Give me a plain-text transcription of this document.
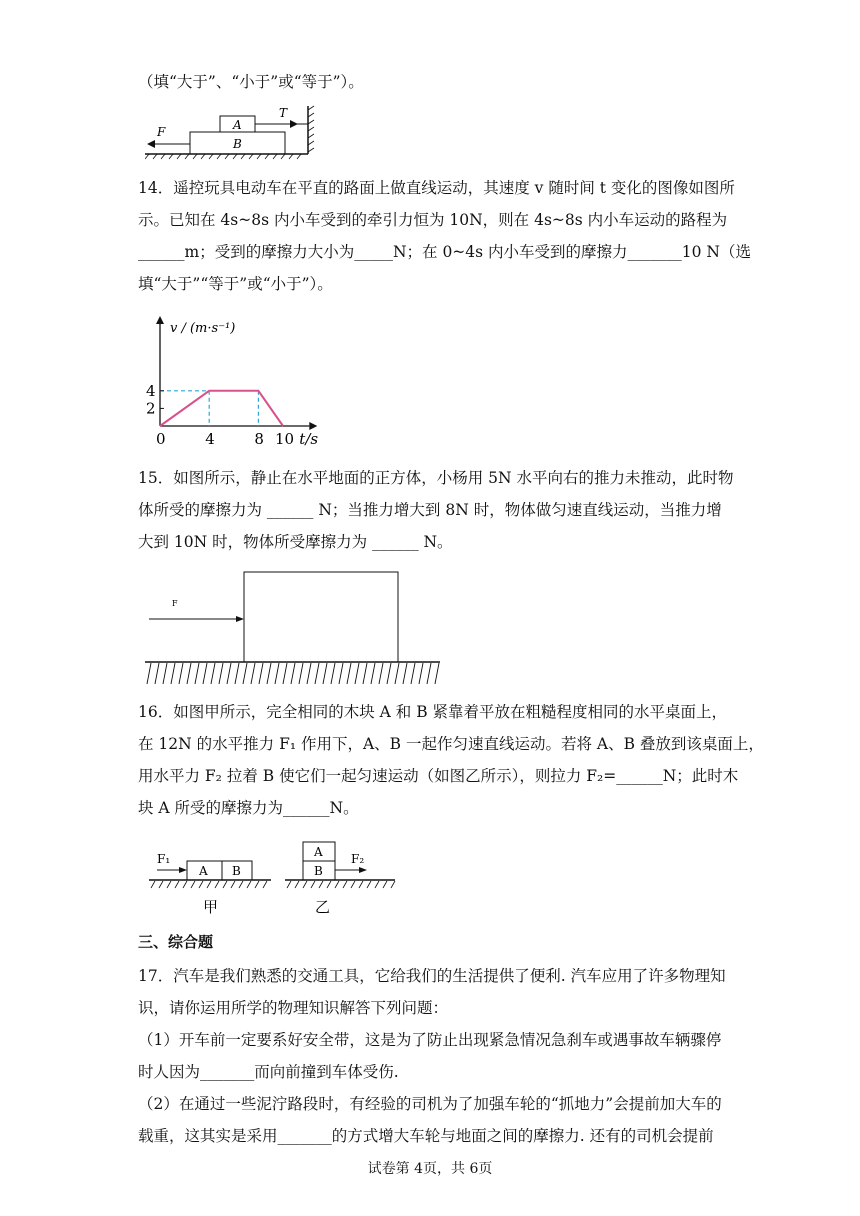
（填“大于”、“小于”或“等于”）。
B
A
T
F
14．遥控玩具电动车在平直的路面上做直线运动，其速度 v 随时间 t 变化的图像如图所
示。已知在 4s~8s 内小车受到的牵引力恒为 10N，则在 4s~8s 内小车运动的路程为
______m；受到的摩擦力大小为_____N；在 0~4s 内小车受到的摩擦力_______10 N（选
填“大于”“等于”或“小于”）。
v / (m·s⁻¹)
t/s
0	4	8 10
2
4
15．如图所示，静止在水平地面的正方体，小杨用 5N 水平向右的推力未推动，此时物
体所受的摩擦力为 ______ N；当推力增大到 8N 时，物体做匀速直线运动，当推力增
大到 10N 时，物体所受摩擦力为 ______ N。
F
16．如图甲所示，完全相同的木块 A 和 B 紧靠着平放在粗糙程度相同的水平桌面上，
在 12N 的水平推力 F₁ 作用下，A、B 一起作匀速直线运动。若将 A、B 叠放到该桌面上，
用水平力 F₂ 拉着 B 使它们一起匀速运动（如图乙所示），则拉力 F₂=______N；此时木
块 A 所受的摩擦力为______N。
A B
F₁
甲
A
B
F₂
乙
三、综合题
17．汽车是我们熟悉的交通工具，它给我们的生活提供了便利. 汽车应用了许多物理知
识，请你运用所学的物理知识解答下列问题：
（1）开车前一定要系好安全带，这是为了防止出现紧急情况急刹车或遇事故车辆骤停
时人因为_______而向前撞到车体受伤.
（2）在通过一些泥泞路段时，有经验的司机为了加强车轮的“抓地力”会提前加大车的
载重，这其实是采用_______的方式增大车轮与地面之间的摩擦力. 还有的司机会提前
试卷第 4页，共 6页
